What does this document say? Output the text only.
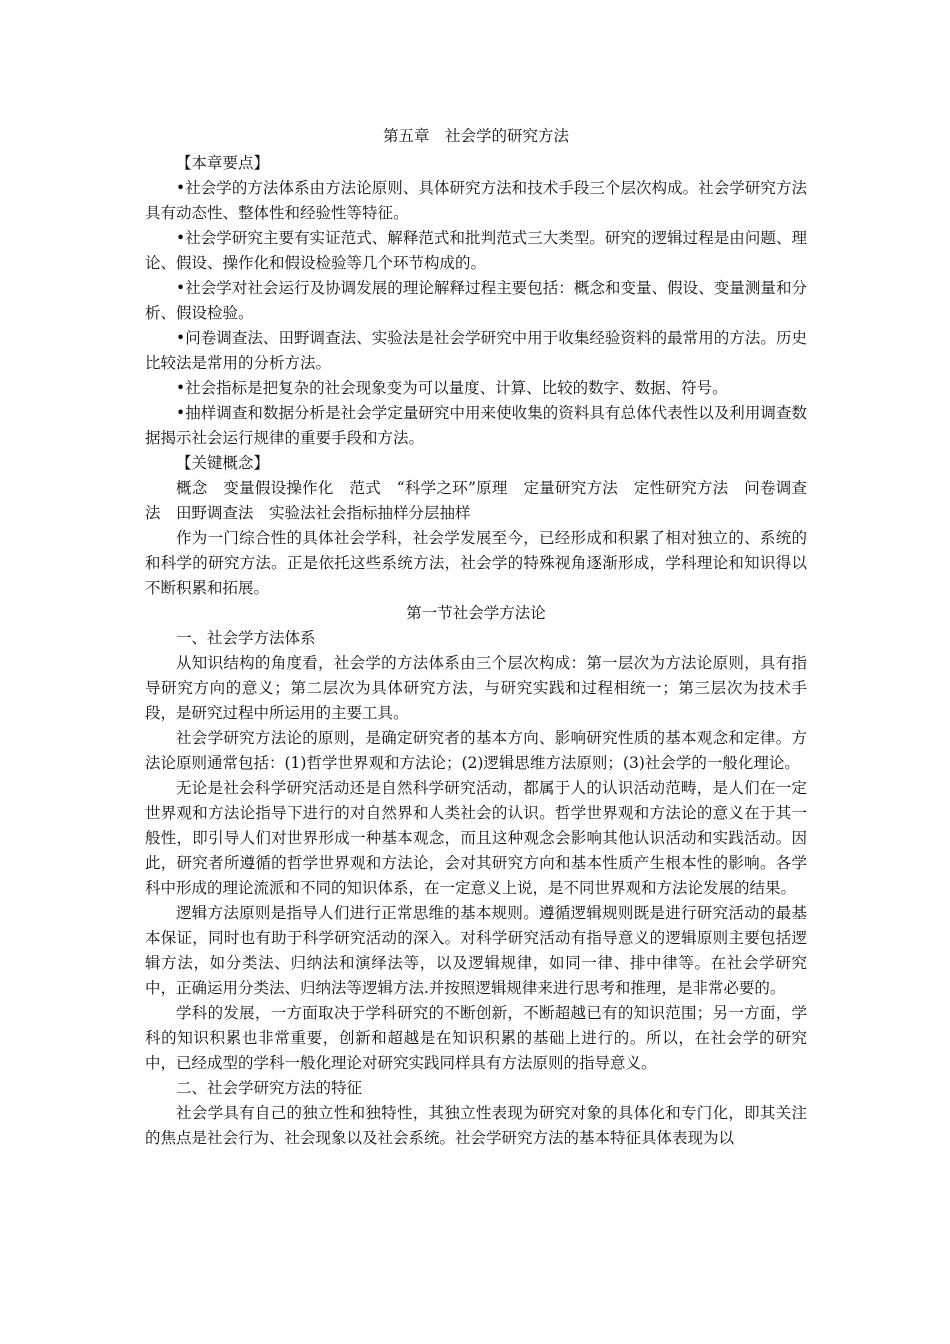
第五章　社会学的研究方法
【本章要点】

•社会学的方法体系由方法论原则、具体研究方法和技术手段三个层次构成。社会学研究方法具有动态性、整体性和经验性等特征。

•社会学研究主要有实证范式、解释范式和批判范式三大类型。研究的逻辑过程是由问题、理论、假设、操作化和假设检验等几个环节构成的。

•社会学对社会运行及协调发展的理论解释过程主要包括：概念和变量、假设、变量测量和分析、假设检验。

•问卷调查法、田野调查法、实验法是社会学研究中用于收集经验资料的最常用的方法。历史比较法是常用的分析方法。

•社会指标是把复杂的社会现象变为可以量度、计算、比较的数字、数据、符号。

•抽样调查和数据分析是社会学定量研究中用来使收集的资料具有总体代表性以及利用调查数据揭示社会运行规律的重要手段和方法。

【关键概念】

概念　变量假设操作化　范式　“科学之环”原理　定量研究方法　定性研究方法　问卷调查法　田野调查法　实验法社会指标抽样分层抽样

作为一门综合性的具体社会学科，社会学发展至今，已经形成和积累了相对独立的、系统的和科学的研究方法。正是依托这些系统方法，社会学的特殊视角逐渐形成，学科理论和知识得以不断积累和拓展。

第一节社会学方法论
一、社会学方法体系

从知识结构的角度看，社会学的方法体系由三个层次构成：第一层次为方法论原则，具有指导研究方向的意义；第二层次为具体研究方法，与研究实践和过程相统一；第三层次为技术手段，是研究过程中所运用的主要工具。

社会学研究方法论的原则，是确定研究者的基本方向、影响研究性质的基本观念和定律。方法论原则通常包括：(1)哲学世界观和方法论；(2)逻辑思维方法原则；(3)社会学的一般化理论。

无论是社会科学研究活动还是自然科学研究活动，都属于人的认识活动范畴，是人们在一定世界观和方法论指导下进行的对自然界和人类社会的认识。哲学世界观和方法论的意义在于其一般性，即引导人们对世界形成一种基本观念，而且这种观念会影响其他认识活动和实践活动。因此，研究者所遵循的哲学世界观和方法论，会对其研究方向和基本性质产生根本性的影响。各学科中形成的理论流派和不同的知识体系，在一定意义上说，是不同世界观和方法论发展的结果。

逻辑方法原则是指导人们进行正常思维的基本规则。遵循逻辑规则既是进行研究活动的最基本保证，同时也有助于科学研究活动的深入。对科学研究活动有指导意义的逻辑原则主要包括逻辑方法，如分类法、归纳法和演绎法等，以及逻辑规律，如同一律、排中律等。在社会学研究中，正确运用分类法、归纳法等逻辑方法.并按照逻辑规律来进行思考和推理，是非常必要的。

学科的发展，一方面取决于学科研究的不断创新，不断超越已有的知识范围；另一方面，学科的知识积累也非常重要，创新和超越是在知识积累的基础上进行的。所以，在社会学的研究中，已经成型的学科一般化理论对研究实践同样具有方法原则的指导意义。

二、社会学研究方法的特征

社会学具有自己的独立性和独特性，其独立性表现为研究对象的具体化和专门化，即其关注的焦点是社会行为、社会现象以及社会系统。社会学研究方法的基本特征具体表现为以
